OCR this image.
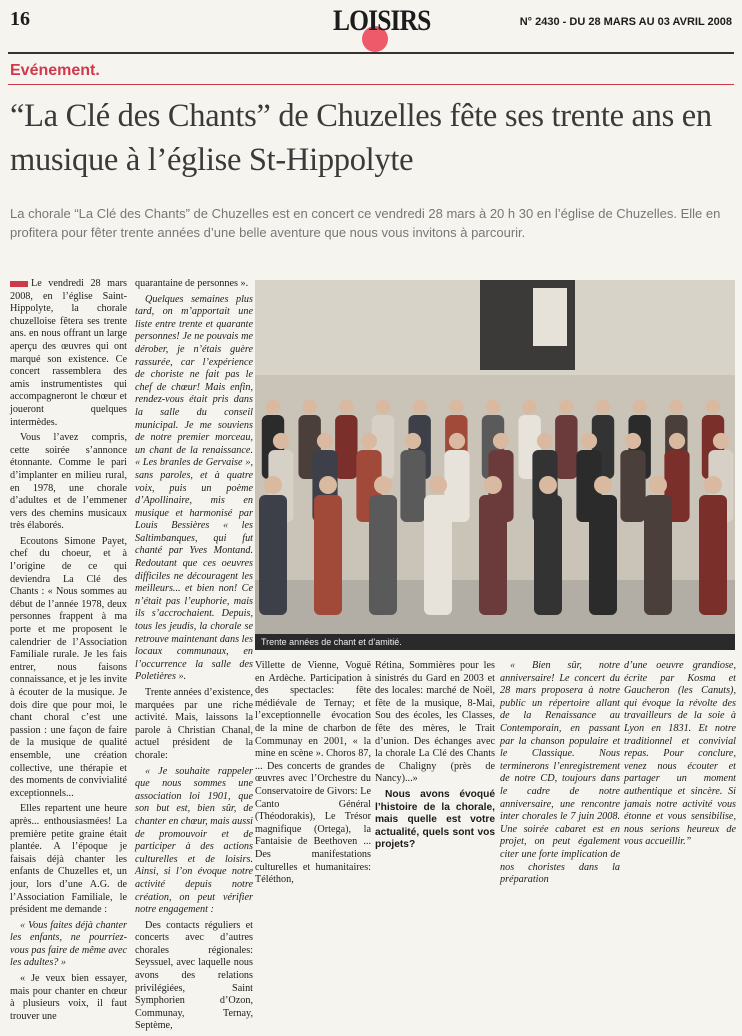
16	LOISIRS	N° 2430 - DU 28 MARS AU 03 AVRIL 2008
Evénement.
“La Clé des Chants” de Chuzelles fête ses trente ans en musique à l’église St-Hippolyte
La chorale “La Clé des Chants” de Chuzelles est en concert ce vendredi 28 mars à 20 h 30 en l’église de Chuzelles. Elle en profitera pour fêter trente années d’une belle aventure que nous vous invitons à parcourir.

Le vendredi 28 mars 2008, en l’église Saint-Hippolyte, la chorale chuzelloise fêtera ses trente ans. en nous offrant un large aperçu des œuvres qui ont marqué son existence. Ce concert rassemblera des amis instrumentistes qui accompagneront le chœur et joueront quelques intermèdes.

Vous l’avez compris, cette soirée s’annonce étonnante. Comme le pari d’implanter en milieu rural, en 1978, une chorale d’adultes et de l’emmener vers des chemins musicaux très élaborés.

Ecoutons Simone Payet, chef du choeur, et à l’origine de ce qui deviendra La Clé des Chants : « Nous sommes au début de l’année 1978, deux personnes frappent à ma porte et me proposent le calendrier de l’Association Familiale rurale. Je les fais entrer, nous faisons connaissance, et je les invite à écouter de la musique. Je dois dire que pour moi, le chant choral c’est une passion : une façon de faire de la musique de qualité ensemble, une création collective, une thérapie et des moments de convivialité exceptionnels...

Elles repartent une heure après... enthousiasmées! La première petite graine était plantée. A l’époque je faisais déjà chanter les enfants de Chuzelles et, un jour, lors d’une A.G. de l’Association Familiale, le président me demande :

« Vous faites déjà chanter les enfants, ne pourriez-vous pas faire de même avec les adultes? »

« Je veux bien essayer, mais pour chanter en chœur à plusieurs voix, il faut trouver une

quarantaine de personnes ».

Quelques semaines plus tard, on m’apportait une liste entre trente et quarante personnes! Je ne pouvais me dérober, je n’étais guère rassurée, car l’expérience de choriste ne fait pas le chef de chœur! Mais enfin, rendez-vous était pris dans la salle du conseil municipal. Je me souviens de notre premier morceau, un chant de la renaissance. « Les branles de Gervaise », sans paroles, et à quatre voix, puis un poème d’Apollinaire, mis en musique et harmonisé par Louis Bessières « les Saltimbanques, qui fut chanté par Yves Montand. Redoutant que ces oeuvres difficiles ne découragent les meilleurs... et bien non! Ce n’était pas l’euphorie, mais ils s’accrochaient. Depuis, tous les jeudis, la chorale se retrouve maintenant dans les locaux communaux, en l’occurrence la salle des Poletières ».

Trente années d’existence, marquées par une riche activité. Mais, laissons la parole à Christian Chanal, actuel président de la chorale:

« Je souhaite rappeler que nous sommes une association loi 1901, que son but est, bien sûr, de chanter en chœur, mais aussi de promouvoir et de participer à des actions culturelles et de loisirs. Ainsi, si l’on évoque notre activité depuis notre création, on peut vérifier notre engagement :

Des contacts réguliers et concerts avec d’autres chorales régionales: Seyssuel, avec laquelle nous avons des relations privilégiées, Saint Symphorien d’Ozon, Communay, Ternay, Septème,

Trente années de chant et d’amitié.

Villette de Vienne, Voguë en Ardèche. Participation à des spectacles: fête médiévale de Ternay; et l’exceptionnelle évocation de la mine de charbon de Communay en 2001, « la mine en scène ». Choros 87, ... Des concerts de grandes œuvres avec l’Orchestre du Conservatoire de Givors: Le Canto Général (Théodorakis), Le Trésor magnifique (Ortega), la Fantaisie de Beethoven ... Des manifestations culturelles et humanitaires: Téléthon,

Rétina, Sommières pour les sinistrés du Gard en 2003 et des locales: marché de Noël, fête de la musique, 8-Mai, Sou des écoles, les Classes, fête des mères, le Trait d’union. Des échanges avec la chorale La Clé des Chants de Chaligny (près de Nancy)...»

Nous avons évoqué l’histoire de la chorale, mais quelle est votre actualité, quels sont vos projets?

« Bien sûr, notre anniversaire! Le concert du 28 mars proposera à notre public un répertoire allant de la Renaissance au Contemporain, en passant par la chanson populaire et le Classique. Nous terminerons l’enregistrement de notre CD, toujours dans le cadre de notre anniversaire, une rencontre inter chorales le 7 juin 2008. Une soirée cabaret est en projet, on peut également citer une forte implication de nos choristes dans la préparation

d’une oeuvre grandiose, écrite par Kosma et Gaucheron (les Canuts), qui évoque la révolte des travailleurs de la soie à Lyon en 1831. Et notre traditionnel et convivial repas. Pour conclure, venez nous écouter et partager un moment authentique et sincère. Si jamais notre activité vous étonne et vous sensibilise, nous serions heureux de vous accueillir.”
